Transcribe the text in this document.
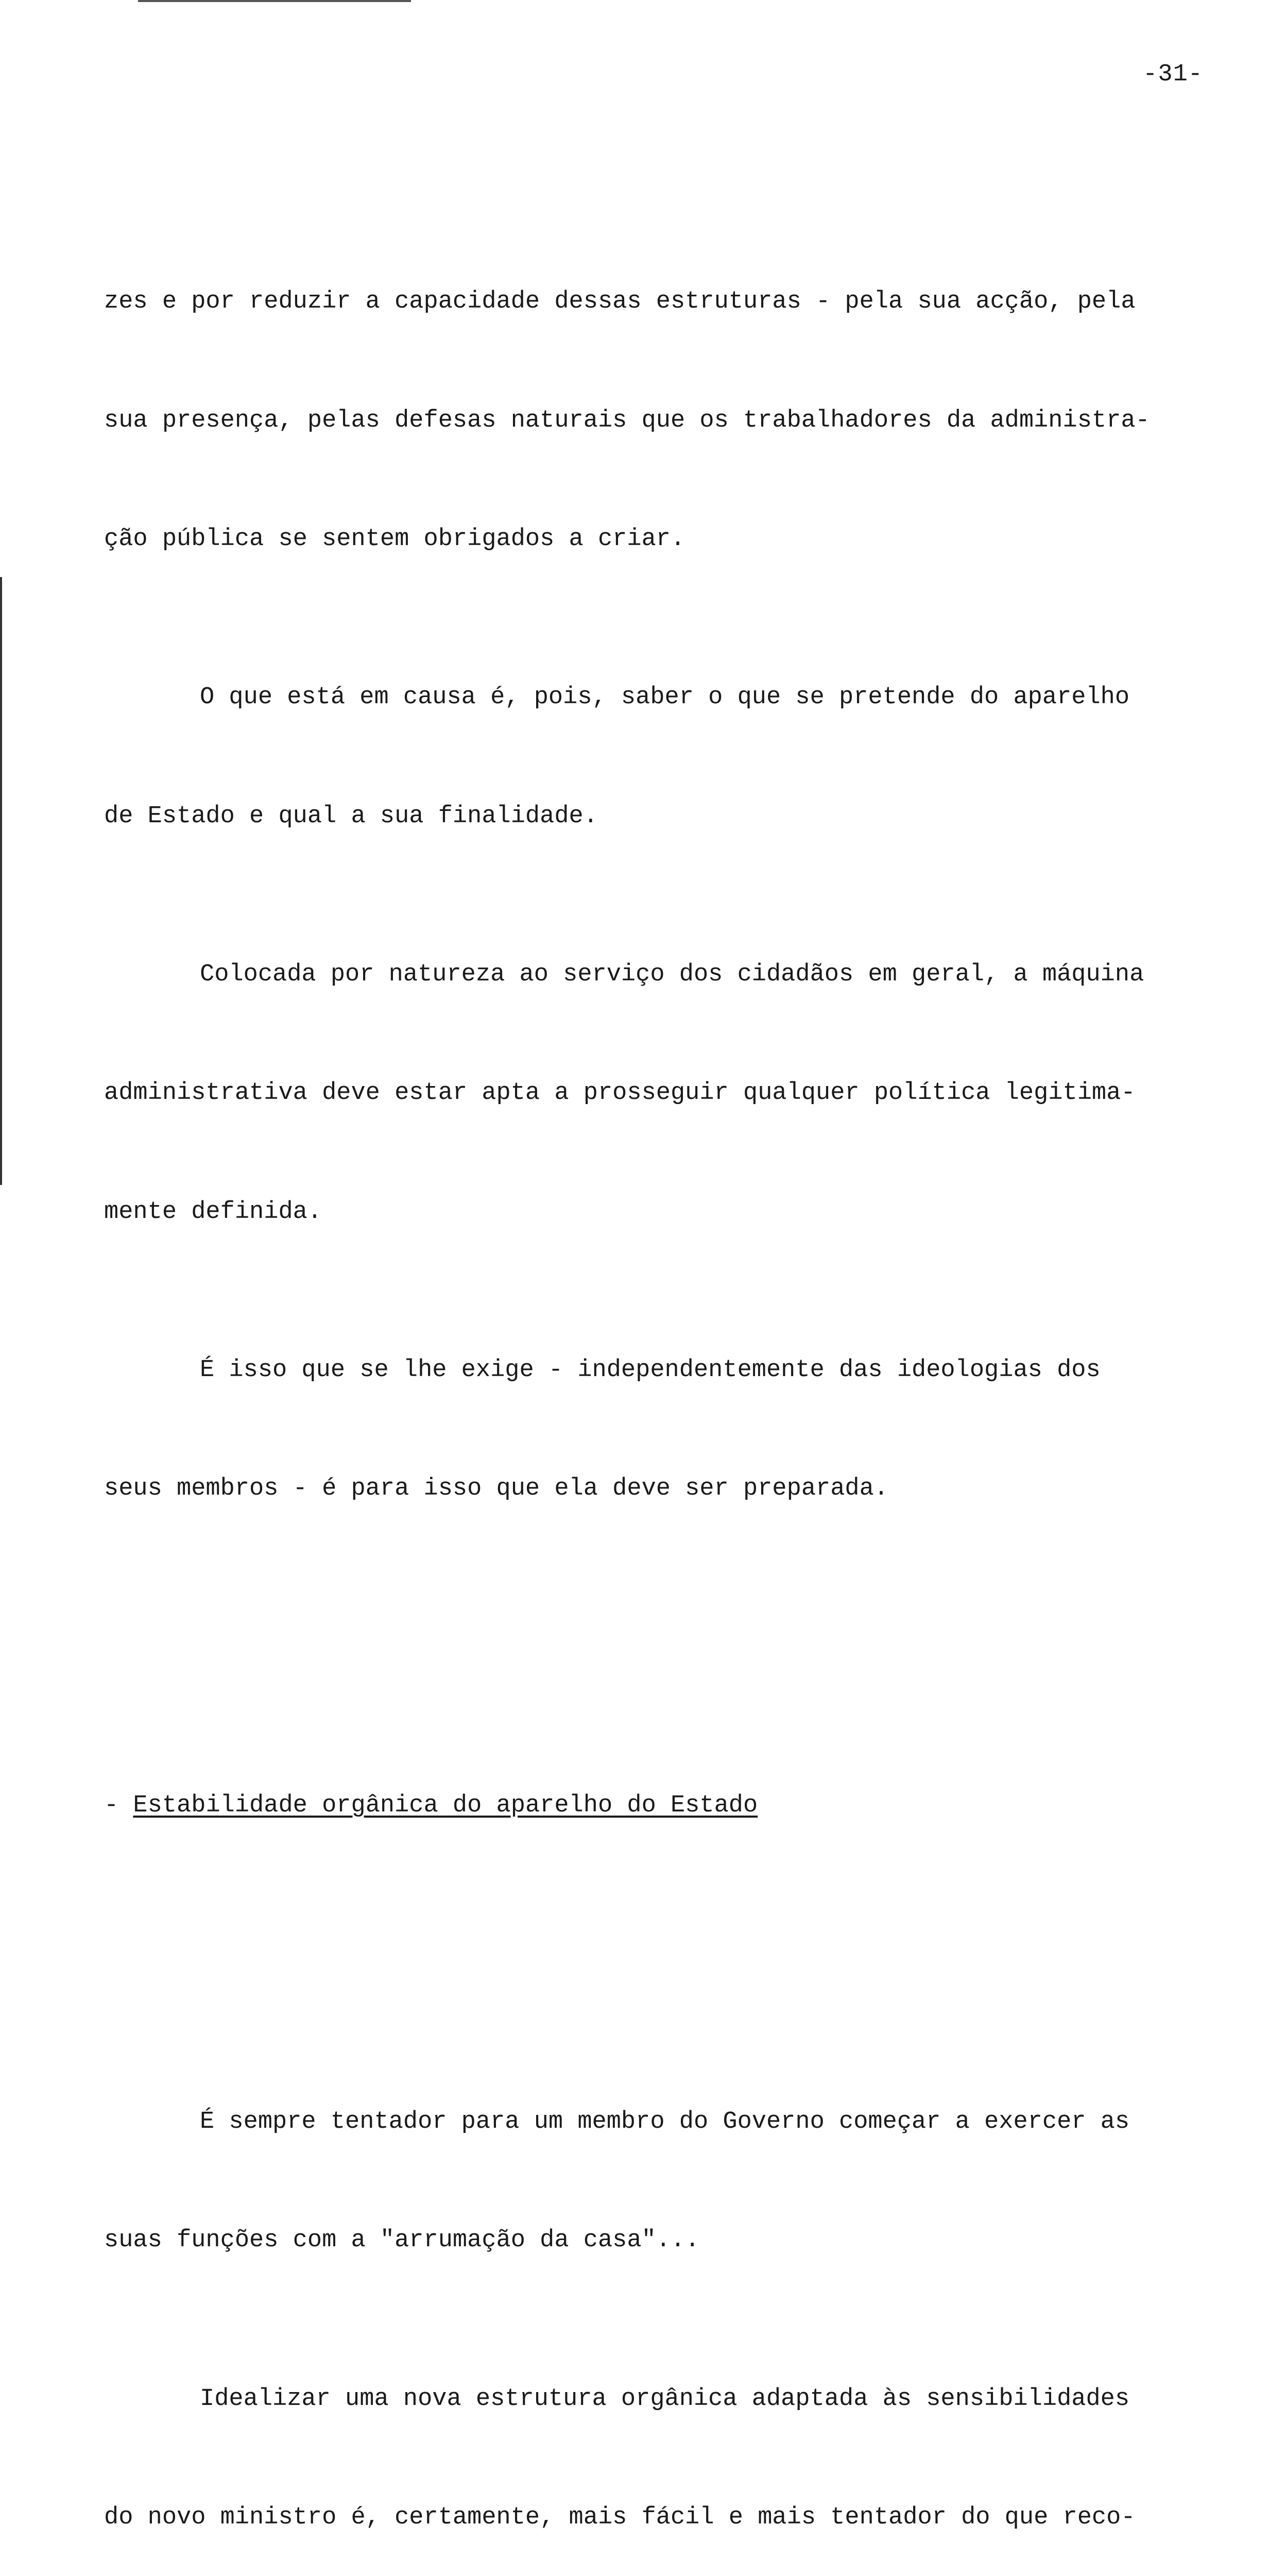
-31-

zes e por reduzir a capacidade dessas estruturas - pela sua acção, pela

sua presença, pelas defesas naturais que os trabalhadores da administra-

ção pública se sentem obrigados a criar.

O que está em causa é, pois, saber o que se pretende do aparelho

de Estado e qual a sua finalidade.

Colocada por natureza ao serviço dos cidadãos em geral, a máquina

administrativa deve estar apta a prosseguir qualquer política legitima-

mente definida.

É isso que se lhe exige - independentemente das ideologias dos

seus membros - é para isso que ela deve ser preparada.

- Estabilidade orgânica do aparelho do Estado

É sempre tentador para um membro do Governo começar a exercer as

suas funções com a "arrumação da casa"...

Idealizar uma nova estrutura orgânica adaptada às sensibilidades

do novo ministro é, certamente, mais fácil e mais tentador do que reco-
